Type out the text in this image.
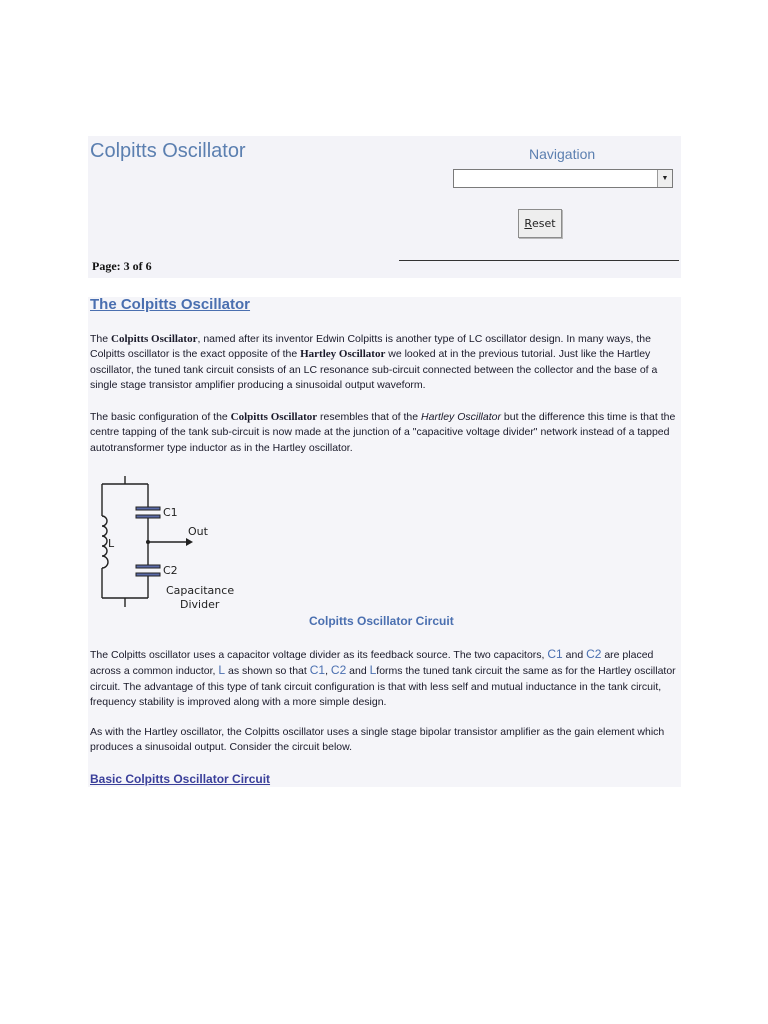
Colpitts Oscillator	Navigation
▼
R eset
Page: 3 of 6
The Colpitts Oscillator

The Colpitts Oscillator, named after its inventor Edwin Colpitts is another type of LC oscillator design. In many ways, the Colpitts oscillator is the exact opposite of the Hartley Oscillator we looked at in the previous tutorial. Just like the Hartley oscillator, the tuned tank circuit consists of an LC resonance sub-circuit connected between the collector and the base of a single stage transistor amplifier producing a sinusoidal output waveform.

The basic configuration of the Colpitts Oscillator resembles that of the Hartley Oscillator but the difference this time is that the centre tapping of the tank sub-circuit is now made at the junction of a "capacitive voltage divider" network instead of a tapped autotransformer type inductor as in the Hartley oscillator.

C1
L
Out
C2
Capacitance
Divider
Colpitts Oscillator Circuit

The Colpitts oscillator uses a capacitor voltage divider as its feedback source. The two capacitors, C1 and C2 are placed across a common inductor, L as shown so that C1, C2 and Lforms the tuned tank circuit the same as for the Hartley oscillator circuit. The advantage of this type of tank circuit configuration is that with less self and mutual inductance in the tank circuit, frequency stability is improved along with a more simple design.

As with the Hartley oscillator, the Colpitts oscillator uses a single stage bipolar transistor amplifier as the gain element which produces a sinusoidal output. Consider the circuit below.

Basic Colpitts Oscillator Circuit
